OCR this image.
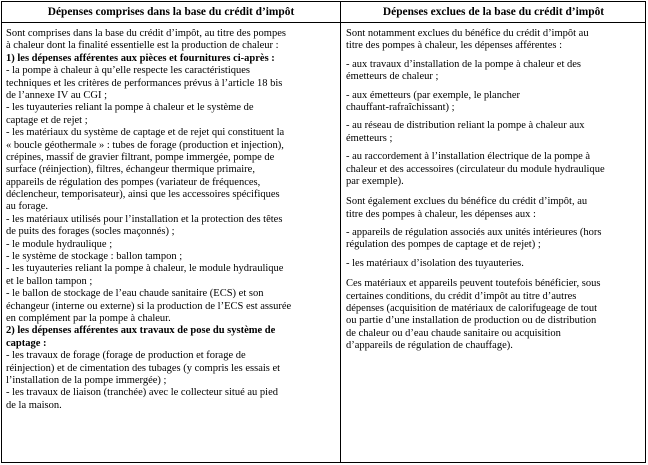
Dépenses comprises dans la base du crédit d’impôt	Dépenses exclues de la base du crédit d’impôt
Sont comprises dans la base du crédit d’impôt, au titre des pompes
à chaleur dont la finalité essentielle est la production de chaleur :
1) les dépenses afférentes aux pièces et fournitures ci-après :
- la pompe à chaleur à qu’elle respecte les caractéristiques
techniques et les critères de performances prévus à l’article 18 bis
de l’annexe IV au CGI ;
- les tuyauteries reliant la pompe à chaleur et le système de
captage et de rejet ;
- les matériaux du système de captage et de rejet qui constituent la
« boucle géothermale » : tubes de forage (production et injection),
crépines, massif de gravier filtrant, pompe immergée, pompe de
surface (réinjection), filtres, échangeur thermique primaire,
appareils de régulation des pompes (variateur de fréquences,
déclencheur, temporisateur), ainsi que les accessoires spécifiques
au forage.
- les matériaux utilisés pour l’installation et la protection des têtes
de puits des forages (socles maçonnés) ;
- le module hydraulique ;
- le système de stockage : ballon tampon ;
- les tuyauteries reliant la pompe à chaleur, le module hydraulique
et le ballon tampon ;
- le ballon de stockage de l’eau chaude sanitaire (ECS) et son
échangeur (interne ou externe) si la production de l’ECS est assurée
en complément par la pompe à chaleur.
2) les dépenses afférentes aux travaux de pose du système de
captage :
- les travaux de forage (forage de production et forage de
réinjection) et de cimentation des tubages (y compris les essais et
l’installation de la pompe immergée) ;
- les travaux de liaison (tranchée) avec le collecteur situé au pied
de la maison.
Sont notamment exclues du bénéfice du crédit d’impôt au
titre des pompes à chaleur, les dépenses afférentes :
- aux travaux d’installation de la pompe à chaleur et des
émetteurs de chaleur ;
- aux émetteurs (par exemple, le plancher
chauffant-rafraîchissant) ;
- au réseau de distribution reliant la pompe à chaleur aux
émetteurs ;
- au raccordement à l’installation électrique de la pompe à
chaleur et des accessoires (circulateur du module hydraulique
par exemple).
Sont également exclues du bénéfice du crédit d’impôt, au
titre des pompes à chaleur, les dépenses aux :
- appareils de régulation associés aux unités intérieures (hors
régulation des pompes de captage et de rejet) ;
- les matériaux d’isolation des tuyauteries.
Ces matériaux et appareils peuvent toutefois bénéficier, sous
certaines conditions, du crédit d’impôt au titre d’autres
dépenses (acquisition de matériaux de calorifugeage de tout
ou partie d’une installation de production ou de distribution
de chaleur ou d’eau chaude sanitaire ou acquisition
d’appareils de régulation de chauffage).
